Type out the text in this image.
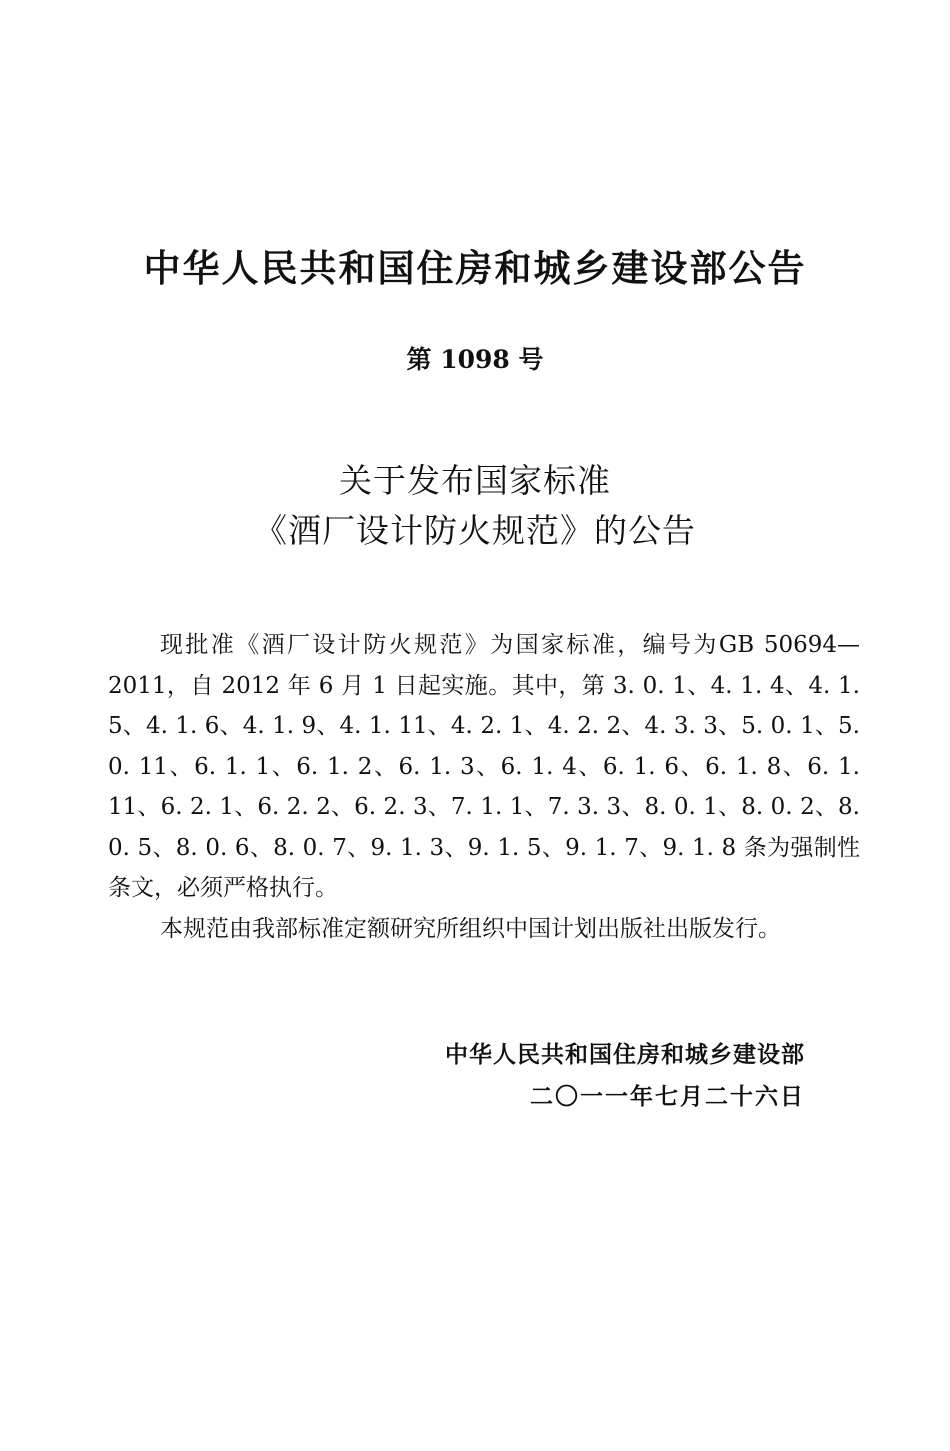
中华人民共和国住房和城乡建设部公告
第 1098 号
关于发布国家标准
《酒厂设计防火规范》的公告

现批准《酒厂设计防火规范》为国家标准，编号为GB 50694—2011，自 2012 年 6 月 1 日起实施。其中，第 3. 0. 1、4. 1. 4、4. 1. 5、4. 1. 6、4. 1. 9、4. 1. 11、4. 2. 1、4. 2. 2、4. 3. 3、5. 0. 1、5. 0. 11、6. 1. 1、6. 1. 2、6. 1. 3、6. 1. 4、6. 1. 6、6. 1. 8、6. 1. 11、6. 2. 1、6. 2. 2、6. 2. 3、7. 1. 1、7. 3. 3、8. 0. 1、8. 0. 2、8. 0. 5、8. 0. 6、8. 0. 7、9. 1. 3、9. 1. 5、9. 1. 7、9. 1. 8 条为强制性条文，必须严格执行。

本规范由我部标准定额研究所组织中国计划出版社出版发行。

中华人民共和国住房和城乡建设部
二〇一一年七月二十六日
